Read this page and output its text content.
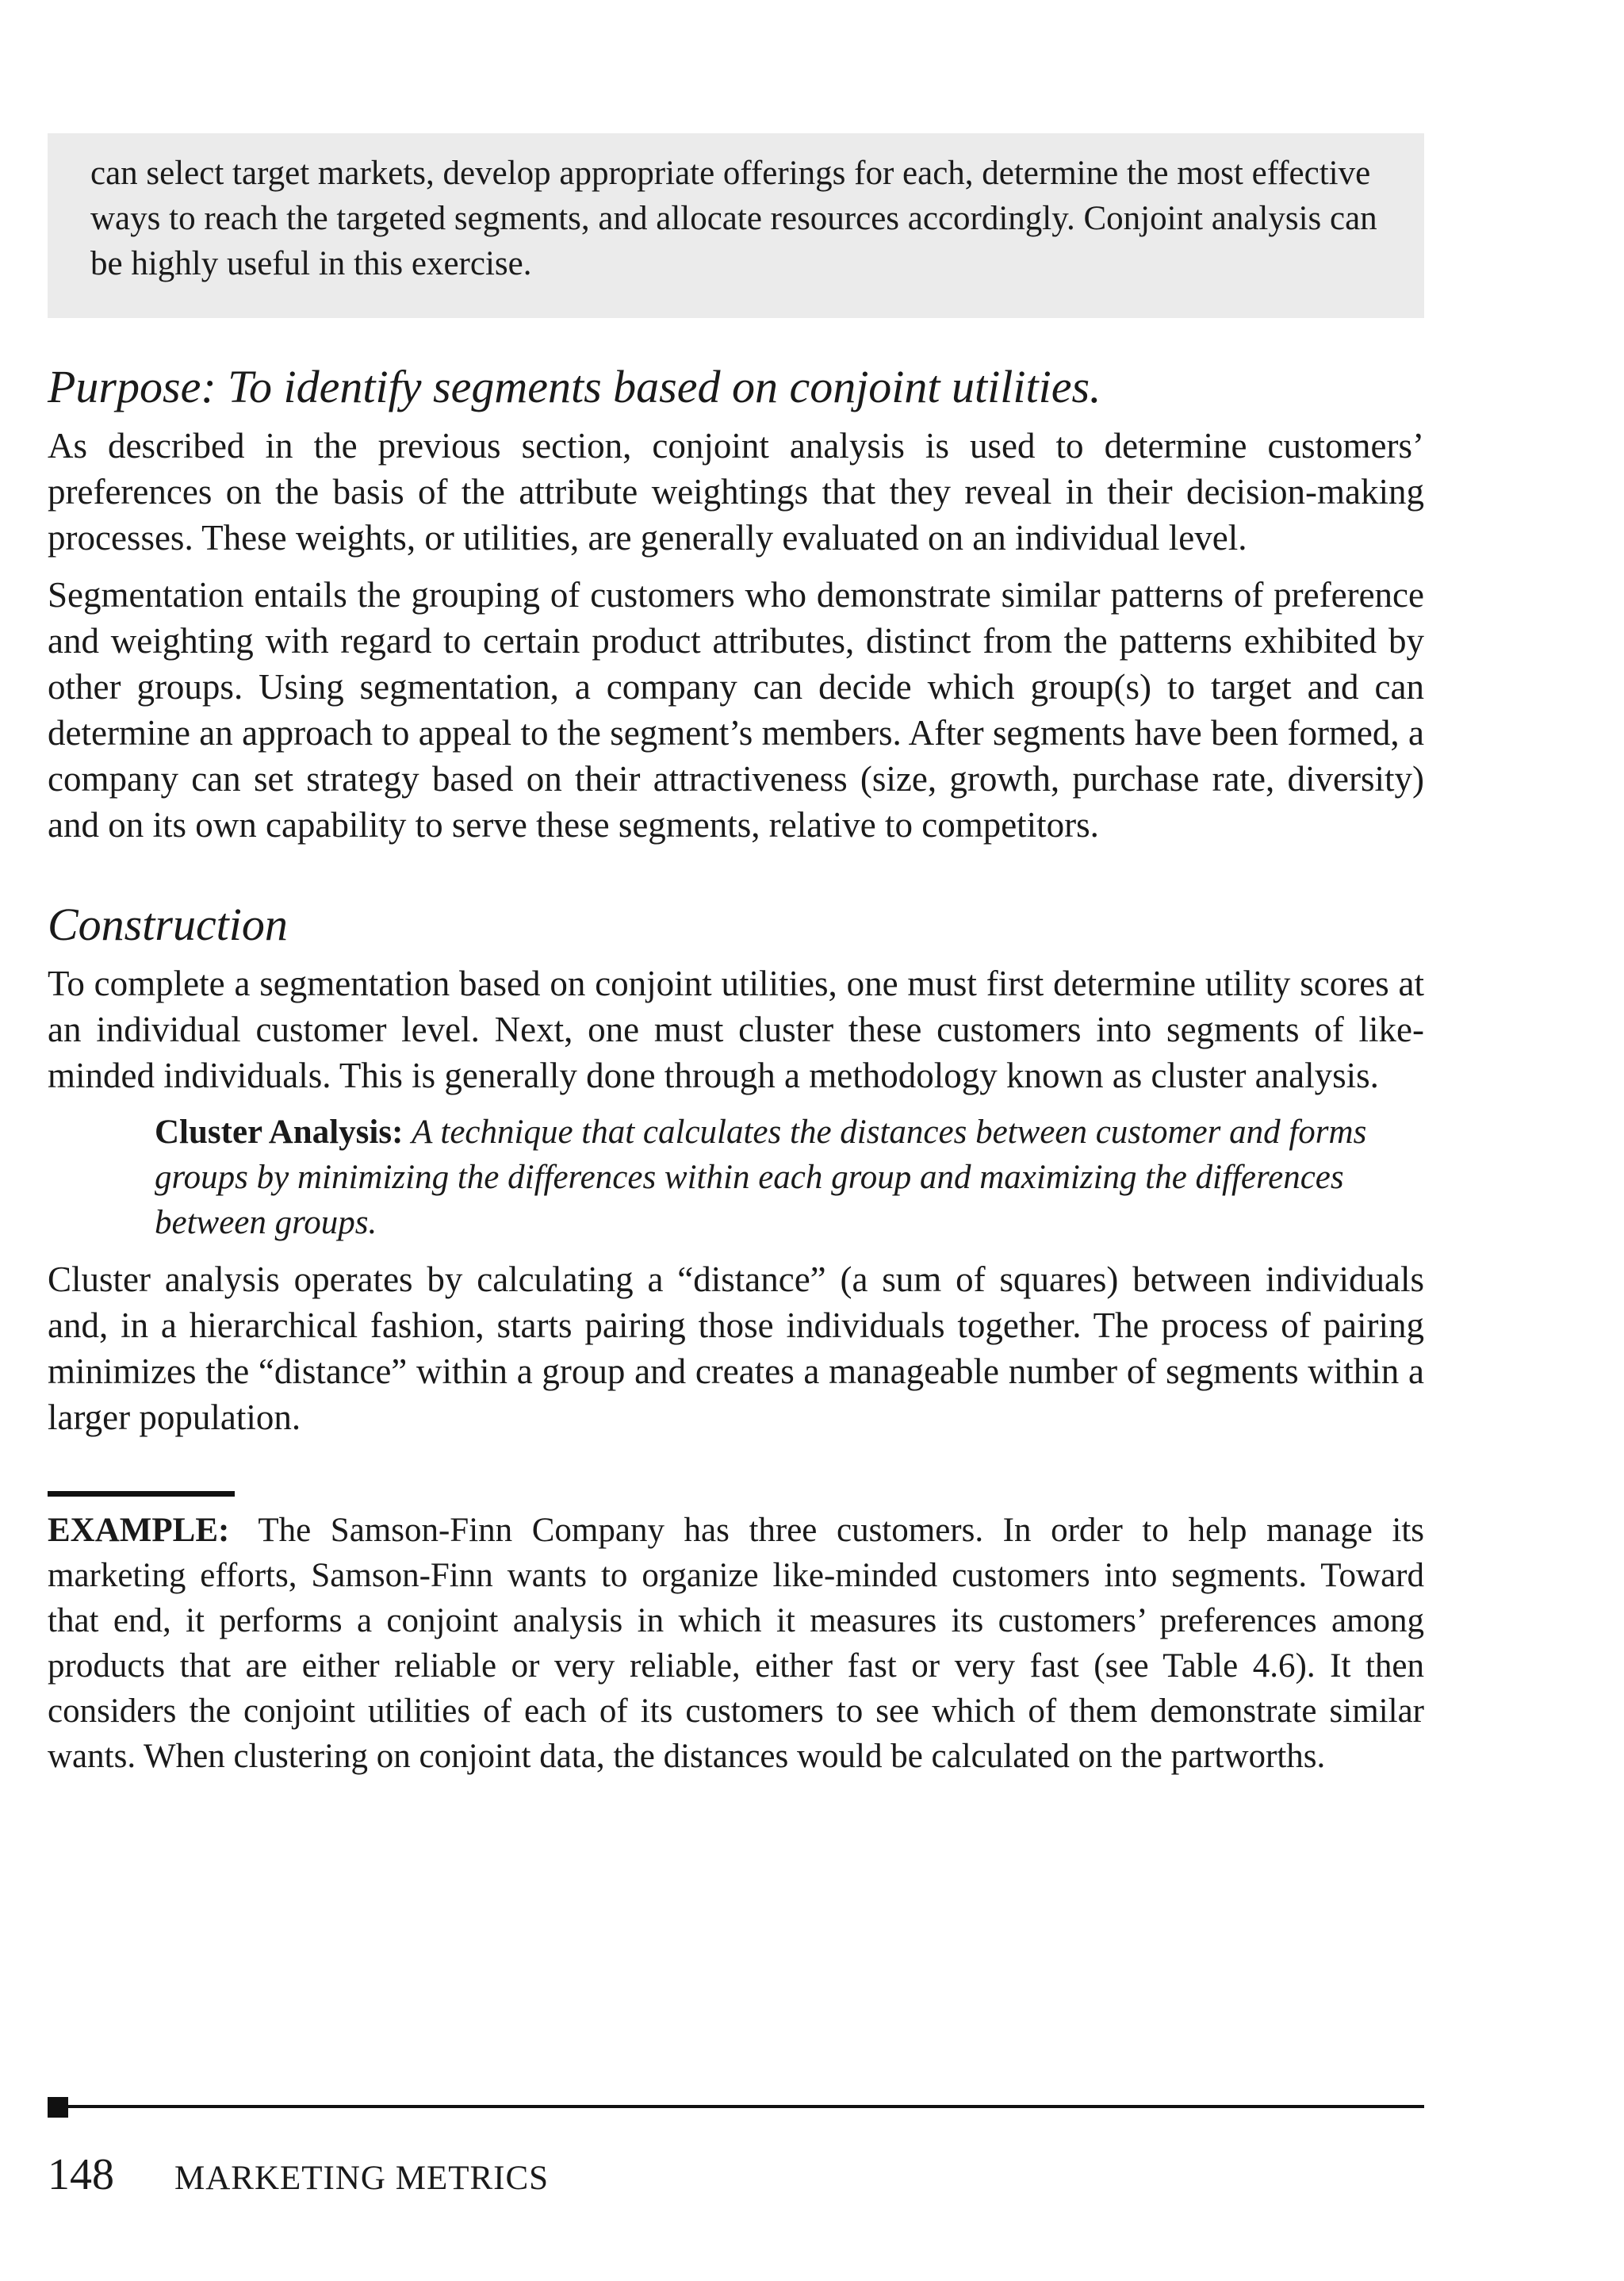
can select target markets, develop appropriate offerings for each, determine the most effective ways to reach the targeted segments, and allocate resources accordingly. Conjoint analysis can be highly useful in this exercise.
Purpose: To identify segments based on conjoint utilities.

As described in the previous section, conjoint analysis is used to determine customers’ preferences on the basis of the attribute weightings that they reveal in their decision-making processes. These weights, or utilities, are generally evaluated on an individual level.

Segmentation entails the grouping of customers who demonstrate similar patterns of preference and weighting with regard to certain product attributes, distinct from the patterns exhibited by other groups. Using segmentation, a company can decide which group(s) to target and can determine an approach to appeal to the segment’s members. After segments have been formed, a company can set strategy based on their attractiveness (size, growth, purchase rate, diversity) and on its own capability to serve these segments, relative to competitors.

Construction

To complete a segmentation based on conjoint utilities, one must first determine utility scores at an individual customer level. Next, one must cluster these customers into segments of like-minded individuals. This is generally done through a methodology known as cluster analysis.

Cluster Analysis: A technique that calculates the distances between customer and forms groups by minimizing the differences within each group and maximizing the differences between groups.

Cluster analysis operates by calculating a “distance” (a sum of squares) between individuals and, in a hierarchical fashion, starts pairing those individuals together. The process of pairing minimizes the “distance” within a group and creates a manageable number of segments within a larger population.

EXAMPLE: The Samson-Finn Company has three customers. In order to help manage its marketing efforts, Samson-Finn wants to organize like-minded customers into segments. Toward that end, it performs a conjoint analysis in which it measures its customers’ preferences among products that are either reliable or very reliable, either fast or very fast (see Table 4.6). It then considers the conjoint utilities of each of its customers to see which of them demonstrate similar wants. When clustering on conjoint data, the distances would be calculated on the partworths.

148 MARKETING METRICS
